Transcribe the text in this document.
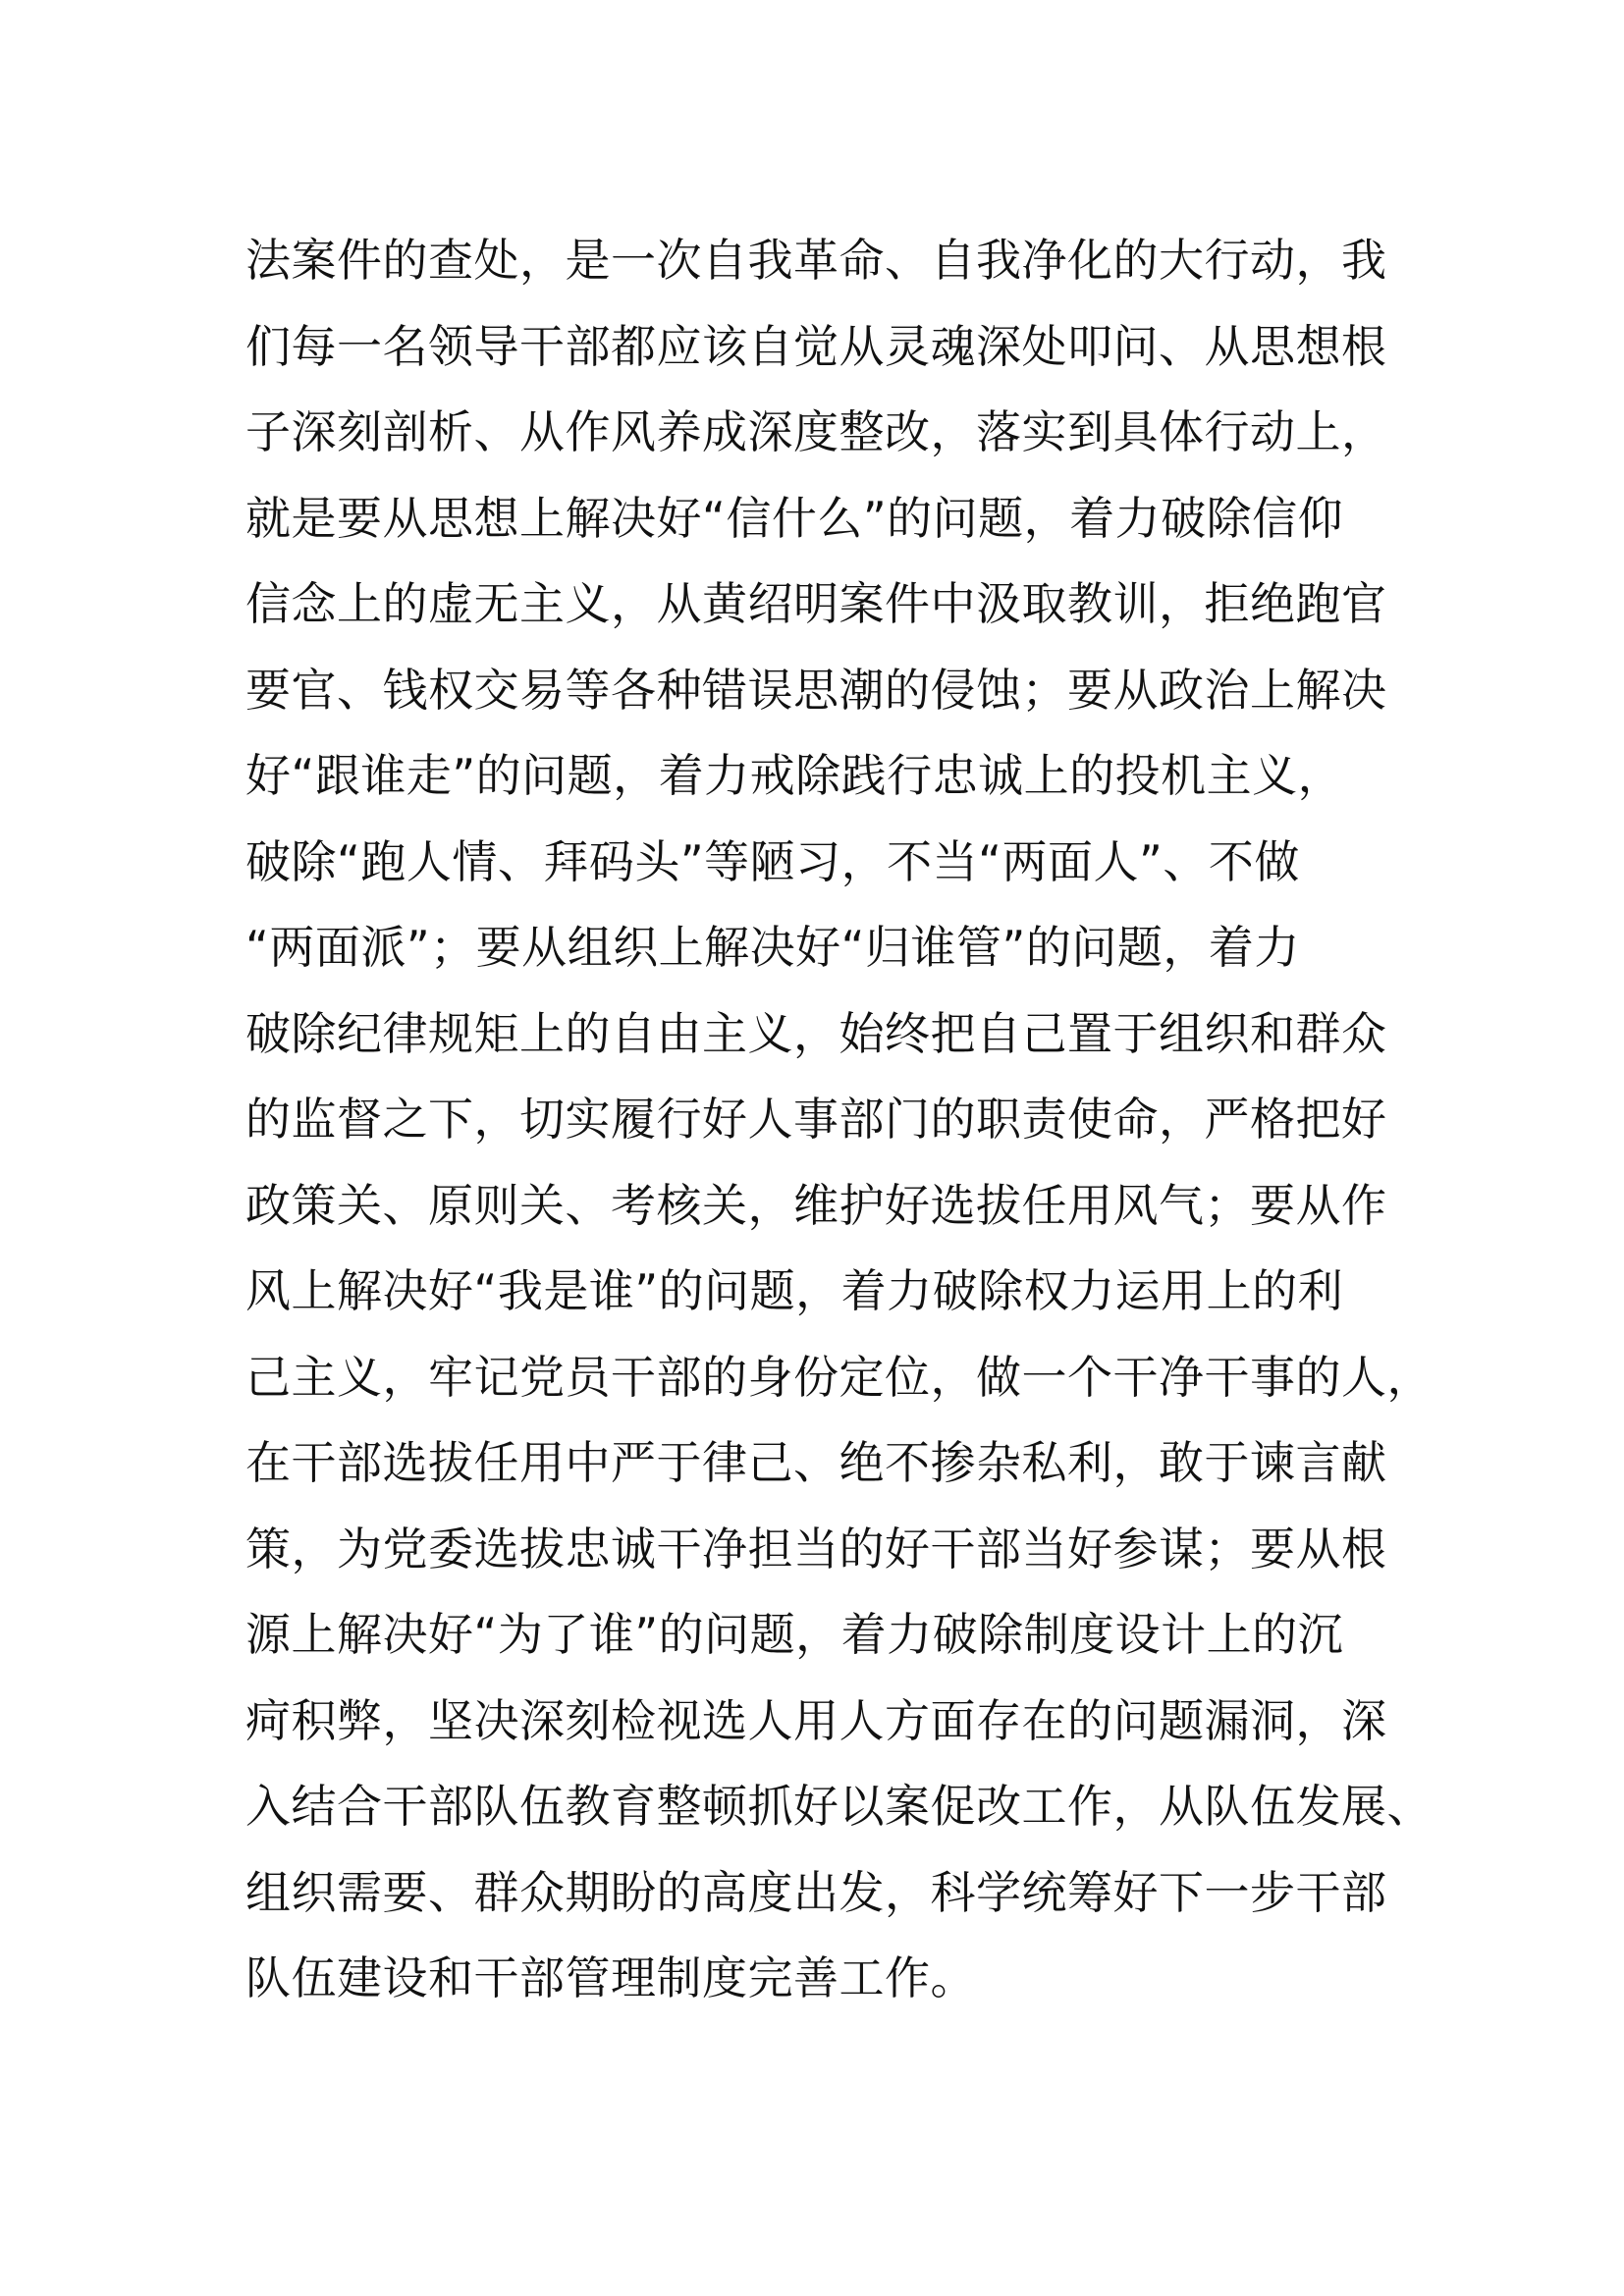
法案件的查处，是一次自我革命、自我净化的大行动，我
们每一名领导干部都应该自觉从灵魂深处叩问、从思想根
子深刻剖析、从作风养成深度整改，落实到具体行动上，
就是要从思想上解决好“信什么”的问题，着力破除信仰
信念上的虚无主义，从黄绍明案件中汲取教训，拒绝跑官
要官、钱权交易等各种错误思潮的侵蚀；要从政治上解决
好“跟谁走”的问题，着力戒除践行忠诚上的投机主义，
破除“跑人情、拜码头”等陋习，不当“两面人”、不做
“两面派”；要从组织上解决好“归谁管”的问题，着力
破除纪律规矩上的自由主义，始终把自己置于组织和群众
的监督之下，切实履行好人事部门的职责使命，严格把好
政策关、原则关、考核关，维护好选拔任用风气；要从作
风上解决好“我是谁”的问题，着力破除权力运用上的利
己主义，牢记党员干部的身份定位，做一个干净干事的人，
在干部选拔任用中严于律己、绝不掺杂私利，敢于谏言献
策，为党委选拔忠诚干净担当的好干部当好参谋；要从根
源上解决好“为了谁”的问题，着力破除制度设计上的沉
疴积弊，坚决深刻检视选人用人方面存在的问题漏洞，深
入结合干部队伍教育整顿抓好以案促改工作，从队伍发展、
组织需要、群众期盼的高度出发，科学统筹好下一步干部
队伍建设和干部管理制度完善工作。
